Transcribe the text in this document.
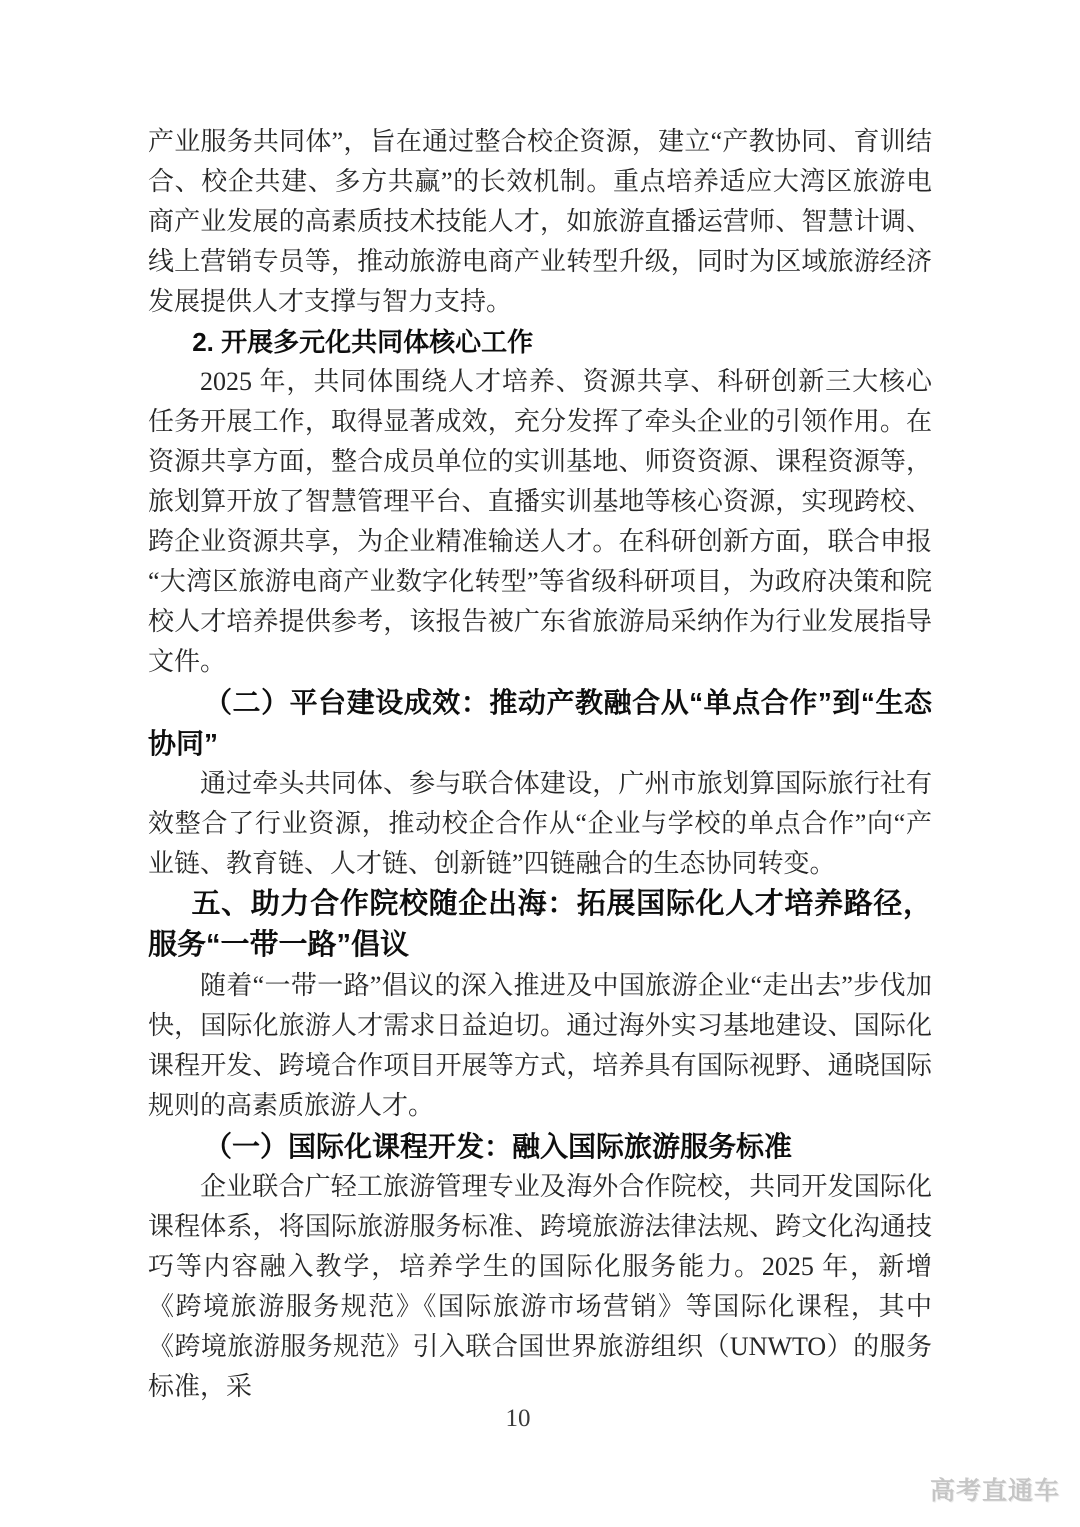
产业服务共同体”，旨在通过整合校企资源，建立“产教协同、育训结合、校企共建、多方共赢”的长效机制。重点培养适应大湾区旅游电商产业发展的高素质技术技能人才，如旅游直播运营师、智慧计调、线上营销专员等，推动旅游电商产业转型升级，同时为区域旅游经济发展提供人才支撑与智力支持。

2. 开展多元化共同体核心工作

2025 年，共同体围绕人才培养、资源共享、科研创新三大核心任务开展工作，取得显著成效，充分发挥了牵头企业的引领作用。在资源共享方面，整合成员单位的实训基地、师资资源、课程资源等，旅划算开放了智慧管理平台、直播实训基地等核心资源，实现跨校、跨企业资源共享，为企业精准输送人才。在科研创新方面，联合申报“大湾区旅游电商产业数字化转型”等省级科研项目，为政府决策和院校人才培养提供参考，该报告被广东省旅游局采纳作为行业发展指导文件。

（二）平台建设成效：推动产教融合从“单点合作”到“生态协同”

通过牵头共同体、参与联合体建设，广州市旅划算国际旅行社有效整合了行业资源，推动校企合作从“企业与学校的单点合作”向“产业链、教育链、人才链、创新链”四链融合的生态协同转变。

五、助力合作院校随企出海：拓展国际化人才培养路径，服务“一带一路”倡议

随着“一带一路”倡议的深入推进及中国旅游企业“走出去”步伐加快，国际化旅游人才需求日益迫切。通过海外实习基地建设、国际化课程开发、跨境合作项目开展等方式，培养具有国际视野、通晓国际规则的高素质旅游人才。

（一）国际化课程开发：融入国际旅游服务标准

企业联合广轻工旅游管理专业及海外合作院校，共同开发国际化课程体系，将国际旅游服务标准、跨境旅游法律法规、跨文化沟通技巧等内容融入教学，培养学生的国际化服务能力。2025 年，新增《跨境旅游服务规范》《国际旅游市场营销》等国际化课程，其中《跨境旅游服务规范》引入联合国世界旅游组织（UNWTO）的服务标准，采

10
高考直通车
